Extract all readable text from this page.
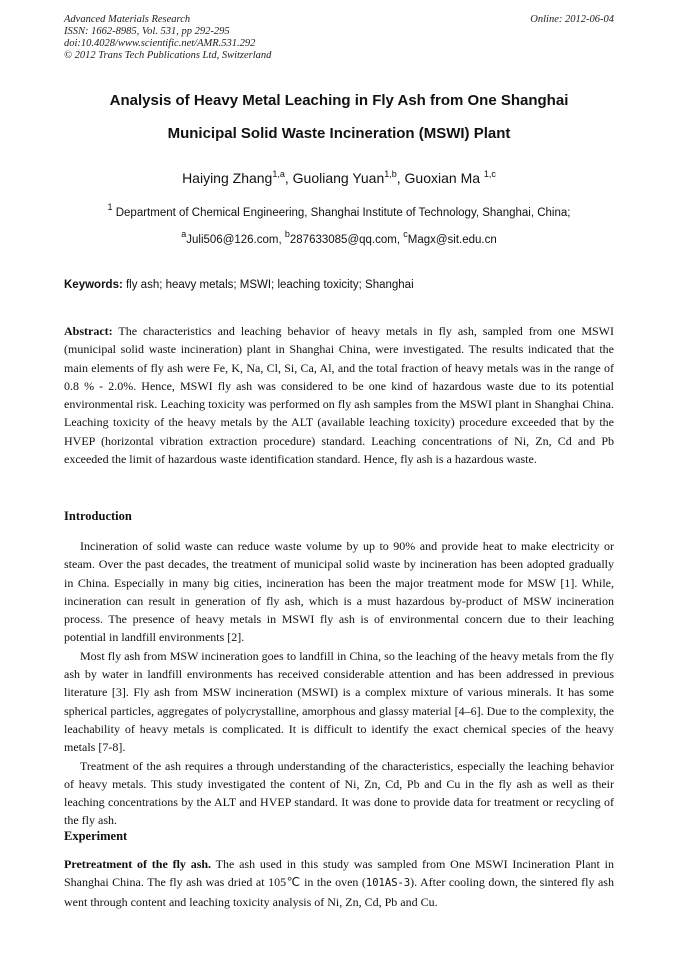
Advanced Materials Research
ISSN: 1662-8985, Vol. 531, pp 292-295
doi:10.4028/www.scientific.net/AMR.531.292
© 2012 Trans Tech Publications Ltd, Switzerland
Online: 2012-06-04
Analysis of Heavy Metal Leaching in Fly Ash from One Shanghai
Municipal Solid Waste Incineration (MSWI) Plant
Haiying Zhang$^{1,a}$, Guoliang Yuan$^{1,b}$, Guoxian Ma $^{1,c}$
$^1$ Department of Chemical Engineering, Shanghai Institute of Technology, Shanghai, China;
$^a$Juli506@126.com, $^b$287633085@qq.com, $^c$Magx@sit.edu.cn
Keywords: fly ash; heavy metals; MSWI; leaching toxicity; Shanghai
Abstract: The characteristics and leaching behavior of heavy metals in fly ash, sampled from one MSWI (municipal solid waste incineration) plant in Shanghai China, were investigated. The results indicated that the main elements of fly ash were Fe, K, Na, Cl, Si, Ca, Al, and the total fraction of heavy metals was in the range of 0.8 % - 2.0%. Hence, MSWI fly ash was considered to be one kind of hazardous waste due to its potential environmental risk. Leaching toxicity was performed on fly ash samples from the MSWI plant in Shanghai China. Leaching toxicity of the heavy metals by the ALT (available leaching toxicity) procedure exceeded that by the HVEP (horizontal vibration extraction procedure) standard. Leaching concentrations of Ni, Zn, Cd and Pb exceeded the limit of hazardous waste identification standard. Hence, fly ash is a hazardous waste.
Introduction

Incineration of solid waste can reduce waste volume by up to 90% and provide heat to make electricity or steam. Over the past decades, the treatment of municipal solid waste by incineration has been adopted gradually in China. Especially in many big cities, incineration has been the major treatment mode for MSW [1]. While, incineration can result in generation of fly ash, which is a must hazardous by-product of MSW incineration process. The presence of heavy metals in MSWI fly ash is of environmental concern due to their leaching potential in landfill environments [2].

Most fly ash from MSW incineration goes to landfill in China, so the leaching of the heavy metals from the fly ash by water in landfill environments has received considerable attention and has been addressed in previous literature [3]. Fly ash from MSW incineration (MSWI) is a complex mixture of various minerals. It has some spherical particles, aggregates of polycrystalline, amorphous and glassy material [4–6]. Due to the complexity, the leachability of heavy metals is complicated. It is difficult to identify the exact chemical species of the heavy metals [7-8].

Treatment of the ash requires a through understanding of the characteristics, especially the leaching behavior of heavy metals. This study investigated the content of Ni, Zn, Cd, Pb and Cu in the fly ash as well as their leaching concentrations by the ALT and HVEP standard. It was done to provide data for treatment or recycling of the fly ash.

Experiment
Pretreatment of the fly ash. The ash used in this study was sampled from One MSWI Incineration Plant in Shanghai China. The fly ash was dried at 105℃ in the oven (101AS-3). After cooling down, the sintered fly ash went through content and leaching toxicity analysis of Ni, Zn, Cd, Pb and Cu.
